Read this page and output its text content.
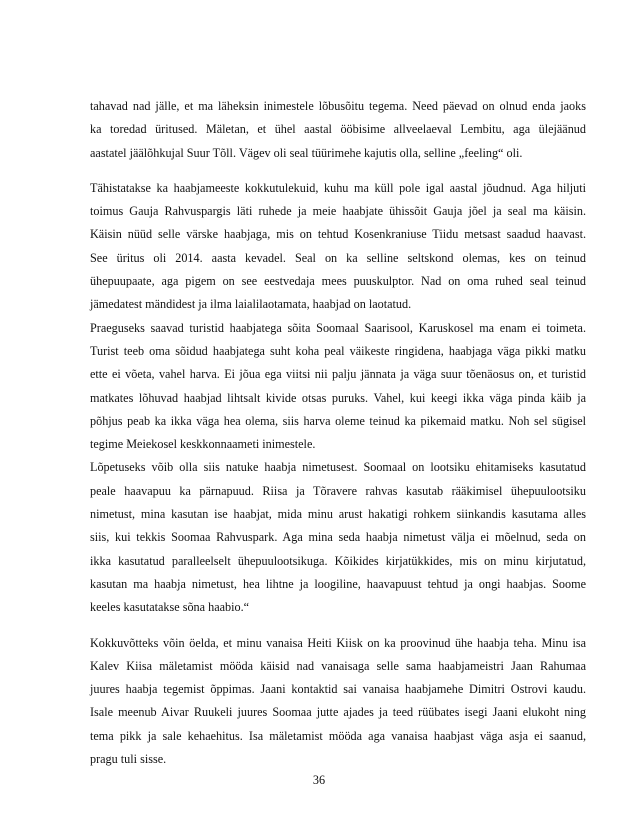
tahavad nad jälle, et ma läheksin inimestele lõbusõitu tegema. Need päevad on olnud enda jaoks
ka toredad üritused. Mäletan, et ühel aastal ööbisime allveelaeval Lembitu, aga ülejäänud
aastatel jäälõhkujal Suur Tõll. Vägev oli seal tüürimehe kajutis olla, selline „feeling“ oli.
Tähistatakse ka haabjameeste kokkutulekuid, kuhu ma küll pole igal aastal jõudnud. Aga hiljuti
toimus Gauja Rahvuspargis läti ruhede ja meie haabjate ühissõit Gauja jõel ja seal ma käisin.
Käisin nüüd selle värske haabjaga, mis on tehtud Kosenkraniuse Tiidu metsast saadud haavast.
See üritus oli 2014. aasta kevadel. Seal on ka selline seltskond olemas, kes on teinud
ühepuupaate, aga pigem on see eestvedaja mees puuskulptor. Nad on oma ruhed seal teinud
jämedatest mändidest ja ilma laialilaotamata, haabjad on laotatud.
Praeguseks saavad turistid haabjatega sõita Soomaal Saarisool, Karuskosel ma enam ei toimeta.
Turist teeb oma sõidud haabjatega suht koha peal väikeste ringidena, haabjaga väga pikki matku
ette ei võeta, vahel harva. Ei jõua ega viitsi nii palju jännata ja väga suur tõenäosus on, et turistid
matkates lõhuvad haabjad lihtsalt kivide otsas puruks. Vahel, kui keegi ikka väga pinda käib ja
põhjus peab ka ikka väga hea olema, siis harva oleme teinud ka pikemaid matku. Noh sel sügisel
tegime Meiekosel keskkonnaameti inimestele.
Lõpetuseks võib olla siis natuke haabja nimetusest. Soomaal on lootsiku ehitamiseks kasutatud
peale haavapuu ka pärnapuud. Riisa ja Tõravere rahvas kasutab rääkimisel ühepuulootsiku
nimetust, mina kasutan ise haabjat, mida minu arust hakatigi rohkem siinkandis kasutama alles
siis, kui tekkis Soomaa Rahvuspark. Aga mina seda haabja nimetust välja ei mõelnud, seda on
ikka kasutatud paralleelselt ühepuulootsikuga. Kõikides kirjatükkides, mis on minu kirjutatud,
kasutan ma haabja nimetust, hea lihtne ja loogiline, haavapuust tehtud ja ongi haabjas. Soome
keeles kasutatakse sõna haabio.“
Kokkuvõtteks võin öelda, et minu vanaisa Heiti Kiisk on ka proovinud ühe haabja teha. Minu isa
Kalev Kiisa mäletamist mööda käisid nad vanaisaga selle sama haabjameistri Jaan Rahumaa
juures haabja tegemist õppimas. Jaani kontaktid sai vanaisa haabjamehe Dimitri Ostrovi kaudu.
Isale meenub Aivar Ruukeli juures Soomaa jutte ajades ja teed rüübates isegi Jaani elukoht ning
tema pikk ja sale kehaehitus. Isa mäletamist mööda aga vanaisa haabjast väga asja ei saanud,
pragu tuli sisse.
36
